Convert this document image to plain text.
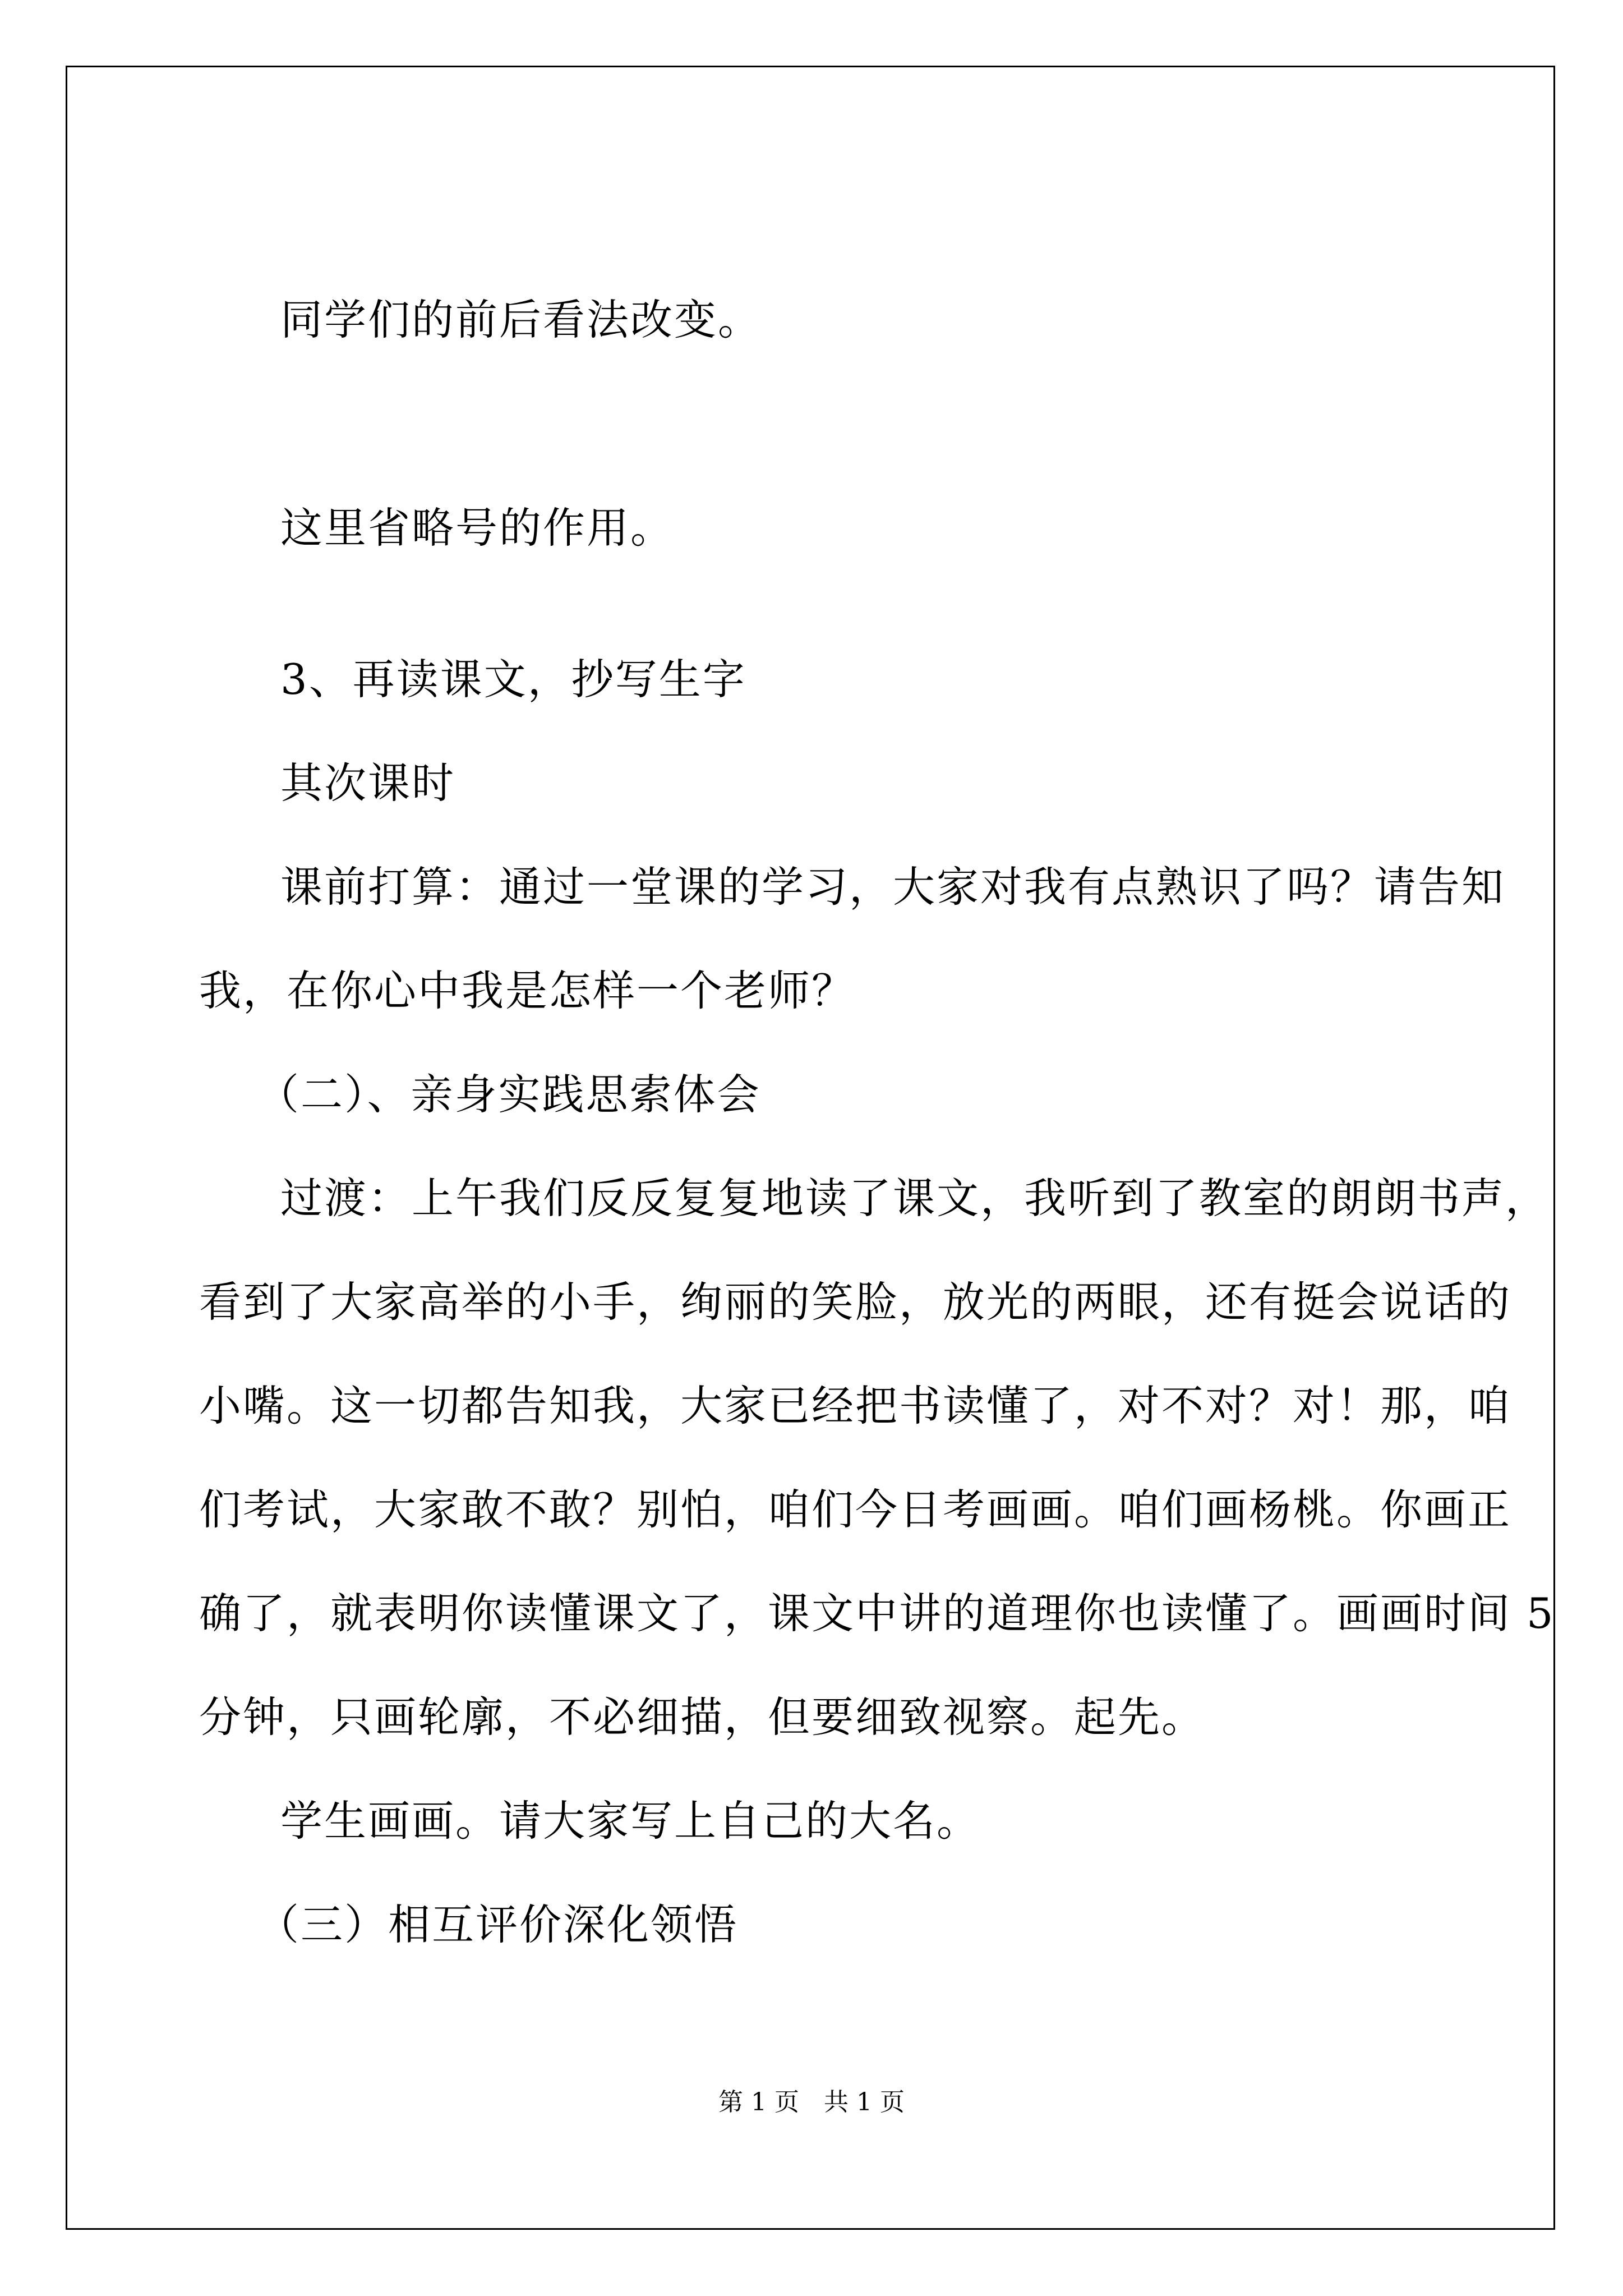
同学们的前后看法改变。

这里省略号的作用。

3、再读课文，抄写生字

其次课时

课前打算：通过一堂课的学习，大家对我有点熟识了吗？请告知

我，在你心中我是怎样一个老师？

（二）、亲身实践思索体会

过渡：上午我们反反复复地读了课文，我听到了教室的朗朗书声，

看到了大家高举的小手，绚丽的笑脸，放光的两眼，还有挺会说话的

小嘴。这一切都告知我，大家已经把书读懂了，对不对？对！那，咱

们考试，大家敢不敢？别怕，咱们今日考画画。咱们画杨桃。你画正

确了，就表明你读懂课文了，课文中讲的道理你也读懂了。画画时间 5

分钟，只画轮廓，不必细描，但要细致视察。起先。

学生画画。请大家写上自己的大名。

（三）相互评价深化领悟

第 1 页　共 1 页
